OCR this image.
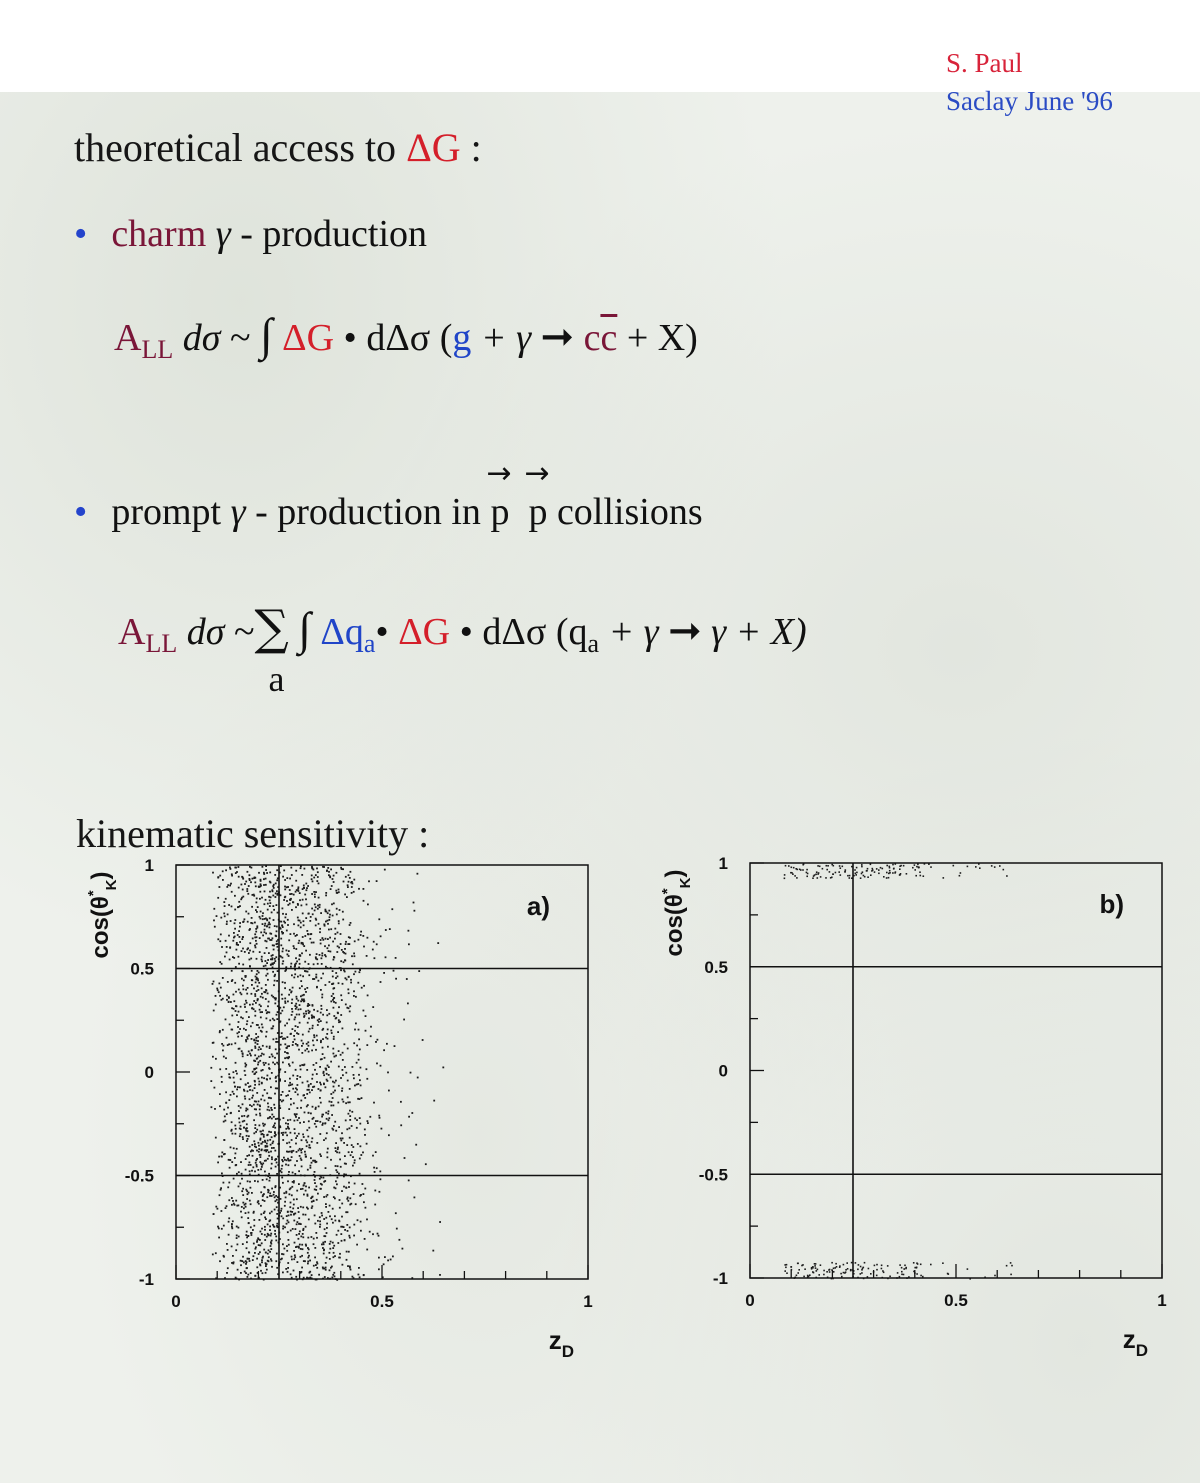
S. Paul
Saclay June '96
theoretical access to ΔG :
• charm γ - production
$A_{LL}$ dσ ~ ∫ ΔG • dΔσ (g + γ ➞ $c\overline{c} + X$)
• prompt γ - production in
→
p
→
p collisions
$A_{LL}$ dσ ~∑
a
∫ $\Delta q_a•$ ΔG • dΔσ ($q_a + \gamma$ ➞ γ + X)
kinematic sensitivity :
-1
-0.5
0
0.5
1
0	0.5	1
a)
$z_D$
$\cos(\theta^*_K)$
-1
-0.5
0
0.5
1
0	0.5	1
b)
$z_D$
$\cos(\theta^*_K)$
